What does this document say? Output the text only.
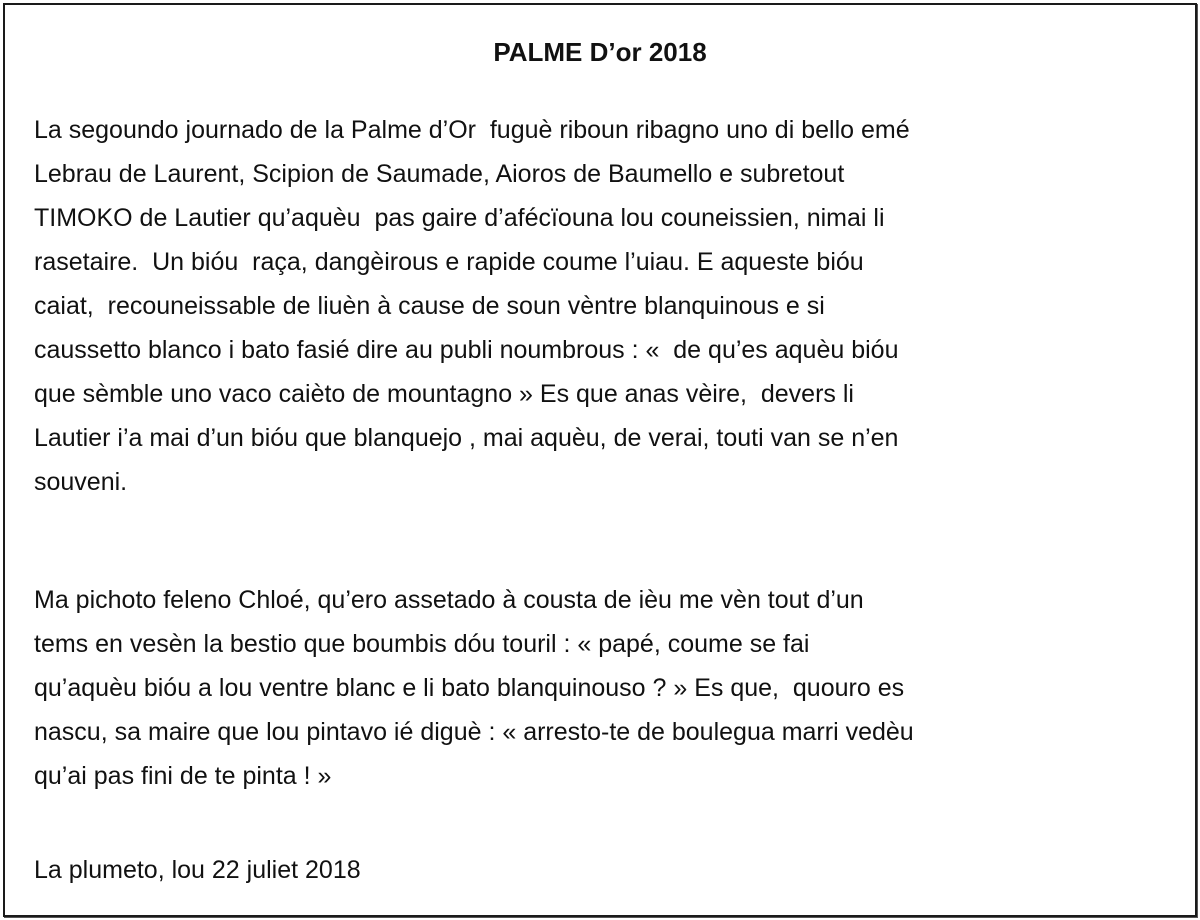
PALME D’or 2018

La segoundo journado de la Palme d’Or  fuguè riboun ribagno uno di bello emé
Lebrau de Laurent, Scipion de Saumade, Aioros de Baumello e subretout
TIMOKO de Lautier qu’aquèu  pas gaire d’afécïouna lou couneissien, nimai li
rasetaire.  Un bióu  raça, dangèirous e rapide coume l’uiau. E aqueste bióu
caiat,  recouneissable de liuèn à cause de soun vèntre blanquinous e si
caussetto blanco i bato fasié dire au publi noumbrous : «  de qu’es aquèu bióu
que sèmble uno vaco caièto de mountagno » Es que anas vèire,  devers li
Lautier i’a mai d’un bióu que blanquejo , mai aquèu, de verai, touti van se n’en
souveni.

Ma pichoto feleno Chloé, qu’ero assetado à cousta de ièu me vèn tout d’un
tems en vesèn la bestio que boumbis dóu touril : « papé, coume se fai
qu’aquèu bióu a lou ventre blanc e li bato blanquinouso ? » Es que,  quouro es
nascu, sa maire que lou pintavo ié diguè : « arresto-te de boulegua marri vedèu
qu’ai pas fini de te pinta ! »

La plumeto, lou 22 juliet 2018
